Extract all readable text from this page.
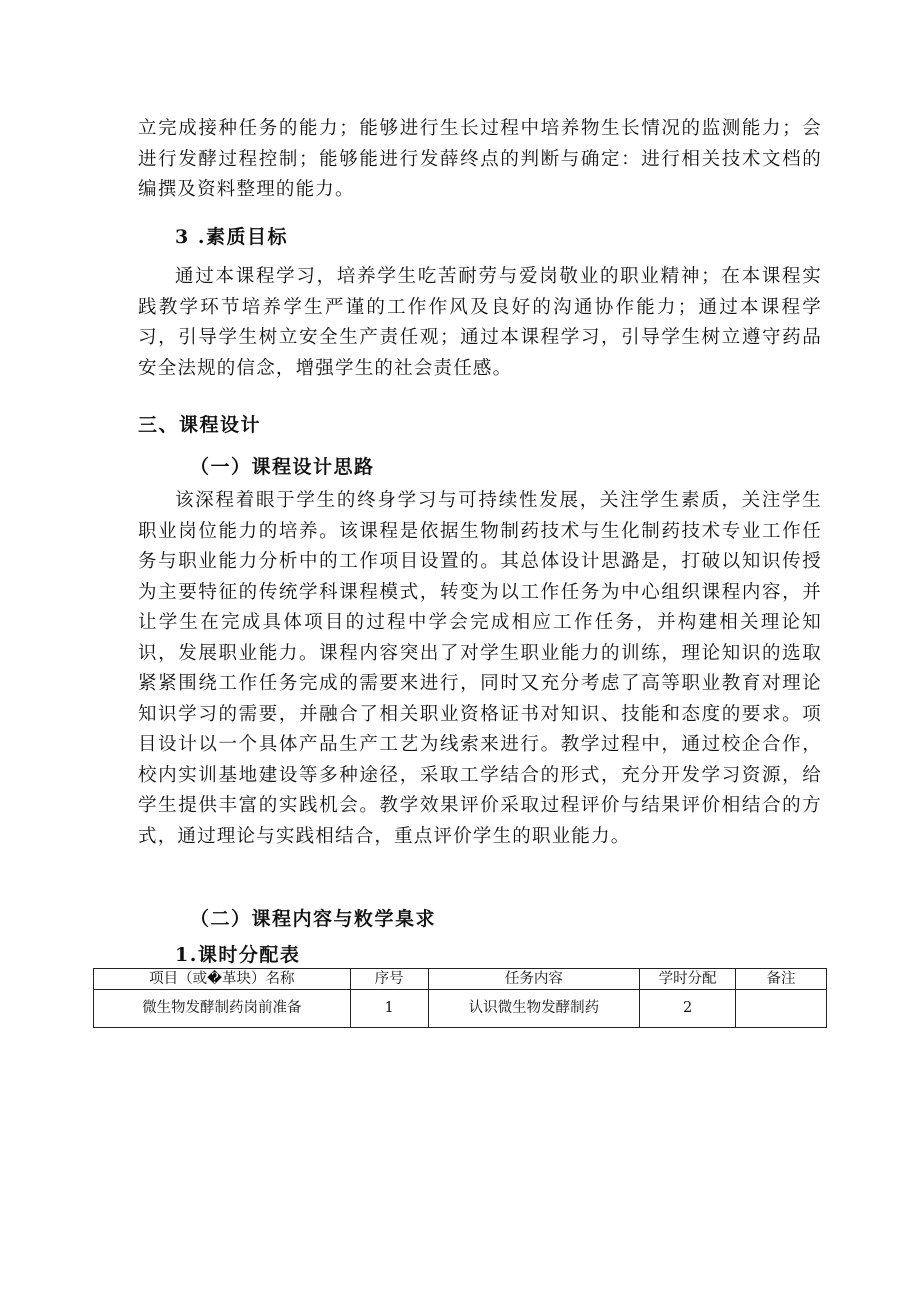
立完成接种任务的能力；能够进行生长过程中培养物生长情况的监测能力；会进行发酵过程控制；能够能进行发薛终点的判断与确定：进行相关技术文档的编撰及资料整理的能力。

3 .素质目标

通过本课程学习，培养学生吃苦耐劳与爱岗敬业的职业精神；在本课程实践教学环节培养学生严谨的工作作风及良好的沟通协作能力；通过本课程学习，引导学生树立安全生产责任观；通过本课程学习，引导学生树立遵守药品安全法规的信念，增强学生的社会责任感。

三、课程设计
（一）课程设计思路

该深程着眼于学生的终身学习与可持续性发展，关注学生素质，关注学生职业岗位能力的培养。该课程是依据生物制药技术与生化制药技术专业工作任务与职业能力分析中的工作项目设置的。其总体设计思潞是，打破以知识传授为主要特征的传统学科课程模式，转变为以工作任务为中心组织课程内容，并让学生在完成具体项目的过程中学会完成相应工作任务，并构建相关理论知识，发展职业能力。课程内容突出了对学生职业能力的训练，理论知识的选取紧紧围绕工作任务完成的需要来进行，同时又充分考虑了高等职业教育对理论知识学习的需要，并融合了相关职业资格证书对知识、技能和态度的要求。项目设计以一个具体产品生产工艺为线索来进行。教学过程中，通过校企合作，校内实训基地建设等多种途径，采取工学结合的形式，充分开发学习资源，给学生提供丰富的实践机会。教学效果评价采取过程评价与结果评价相结合的方式，通过理论与实践相结合，重点评价学生的职业能力。

（二）课程内容与敉学臬求
1.课时分配表
项目（或�革块）名称	序号	任务内容	学时分配	备注
微生物发酵制药岗前准备	1	认识微生物发酵制药	2	
